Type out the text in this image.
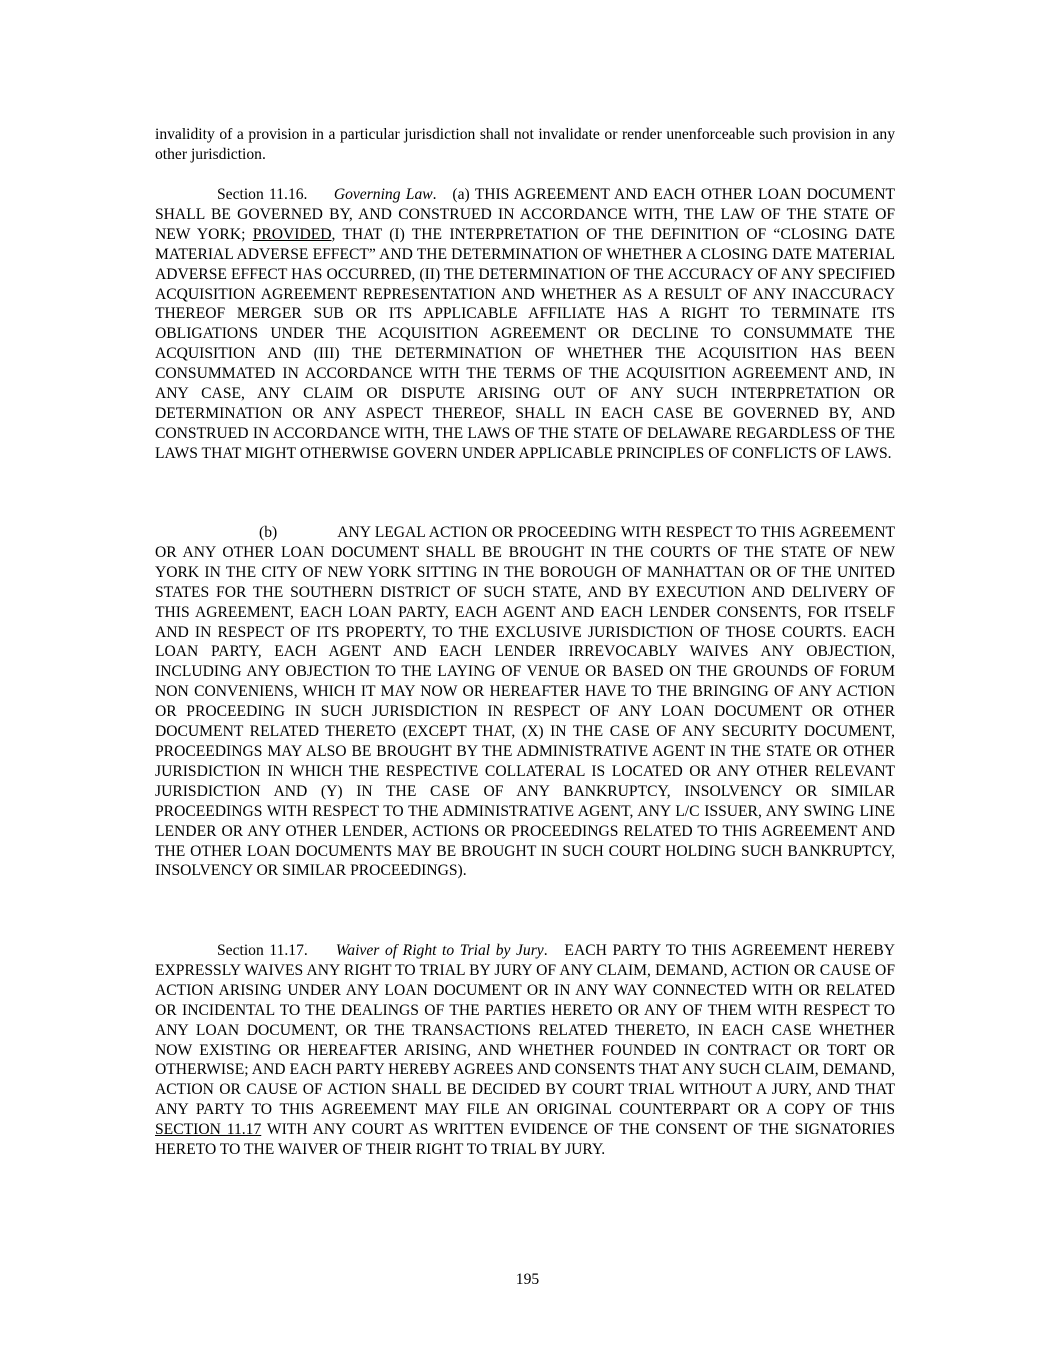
invalidity of a provision in a particular jurisdiction shall not invalidate or render unenforceable such provision in any other jurisdiction.

Section 11.16. Governing Law. (a) THIS AGREEMENT AND EACH OTHER LOAN DOCUMENT SHALL BE GOVERNED BY, AND CONSTRUED IN ACCORDANCE WITH, THE LAW OF THE STATE OF NEW YORK; PROVIDED, THAT (I) THE INTERPRETATION OF THE DEFINITION OF “CLOSING DATE MATERIAL ADVERSE EFFECT” AND THE DETERMINATION OF WHETHER A CLOSING DATE MATERIAL ADVERSE EFFECT HAS OCCURRED, (II) THE DETERMINATION OF THE ACCURACY OF ANY SPECIFIED ACQUISITION AGREEMENT REPRESENTATION AND WHETHER AS A RESULT OF ANY INACCURACY THEREOF MERGER SUB OR ITS APPLICABLE AFFILIATE HAS A RIGHT TO TERMINATE ITS OBLIGATIONS UNDER THE ACQUISITION AGREEMENT OR DECLINE TO CONSUMMATE THE ACQUISITION AND (III) THE DETERMINATION OF WHETHER THE ACQUISITION HAS BEEN CONSUMMATED IN ACCORDANCE WITH THE TERMS OF THE ACQUISITION AGREEMENT AND, IN ANY CASE, ANY CLAIM OR DISPUTE ARISING OUT OF ANY SUCH INTERPRETATION OR DETERMINATION OR ANY ASPECT THEREOF, SHALL IN EACH CASE BE GOVERNED BY, AND CONSTRUED IN ACCORDANCE WITH, THE LAWS OF THE STATE OF DELAWARE REGARDLESS OF THE LAWS THAT MIGHT OTHERWISE GOVERN UNDER APPLICABLE PRINCIPLES OF CONFLICTS OF LAWS.

(b)	ANY LEGAL ACTION OR PROCEEDING WITH RESPECT TO THIS AGREEMENT OR ANY OTHER LOAN DOCUMENT SHALL BE BROUGHT IN THE COURTS OF THE STATE OF NEW YORK IN THE CITY OF NEW YORK SITTING IN THE BOROUGH OF MANHATTAN OR OF THE UNITED STATES FOR THE SOUTHERN DISTRICT OF SUCH STATE, AND BY EXECUTION AND DELIVERY OF THIS AGREEMENT, EACH LOAN PARTY, EACH AGENT AND EACH LENDER CONSENTS, FOR ITSELF AND IN RESPECT OF ITS PROPERTY, TO THE EXCLUSIVE JURISDICTION OF THOSE COURTS. EACH LOAN PARTY, EACH AGENT AND EACH LENDER IRREVOCABLY WAIVES ANY OBJECTION, INCLUDING ANY OBJECTION TO THE LAYING OF VENUE OR BASED ON THE GROUNDS OF FORUM NON CONVENIENS, WHICH IT MAY NOW OR HEREAFTER HAVE TO THE BRINGING OF ANY ACTION OR PROCEEDING IN SUCH JURISDICTION IN RESPECT OF ANY LOAN DOCUMENT OR OTHER DOCUMENT RELATED THERETO (EXCEPT THAT, (X) IN THE CASE OF ANY SECURITY DOCUMENT, PROCEEDINGS MAY ALSO BE BROUGHT BY THE ADMINISTRATIVE AGENT IN THE STATE OR OTHER JURISDICTION IN WHICH THE RESPECTIVE COLLATERAL IS LOCATED OR ANY OTHER RELEVANT JURISDICTION AND (Y) IN THE CASE OF ANY BANKRUPTCY, INSOLVENCY OR SIMILAR PROCEEDINGS WITH RESPECT TO THE ADMINISTRATIVE AGENT, ANY L/C ISSUER, ANY SWING LINE LENDER OR ANY OTHER LENDER, ACTIONS OR PROCEEDINGS RELATED TO THIS AGREEMENT AND THE OTHER LOAN DOCUMENTS MAY BE BROUGHT IN SUCH COURT HOLDING SUCH BANKRUPTCY, INSOLVENCY OR SIMILAR PROCEEDINGS).

Section 11.17. Waiver of Right to Trial by Jury. EACH PARTY TO THIS AGREEMENT HEREBY EXPRESSLY WAIVES ANY RIGHT TO TRIAL BY JURY OF ANY CLAIM, DEMAND, ACTION OR CAUSE OF ACTION ARISING UNDER ANY LOAN DOCUMENT OR IN ANY WAY CONNECTED WITH OR RELATED OR INCIDENTAL TO THE DEALINGS OF THE PARTIES HERETO OR ANY OF THEM WITH RESPECT TO ANY LOAN DOCUMENT, OR THE TRANSACTIONS RELATED THERETO, IN EACH CASE WHETHER NOW EXISTING OR HEREAFTER ARISING, AND WHETHER FOUNDED IN CONTRACT OR TORT OR OTHERWISE; AND EACH PARTY HEREBY AGREES AND CONSENTS THAT ANY SUCH CLAIM, DEMAND, ACTION OR CAUSE OF ACTION SHALL BE DECIDED BY COURT TRIAL WITHOUT A JURY, AND THAT ANY PARTY TO THIS AGREEMENT MAY FILE AN ORIGINAL COUNTERPART OR A COPY OF THIS SECTION 11.17 WITH ANY COURT AS WRITTEN EVIDENCE OF THE CONSENT OF THE SIGNATORIES HERETO TO THE WAIVER OF THEIR RIGHT TO TRIAL BY JURY.

195
